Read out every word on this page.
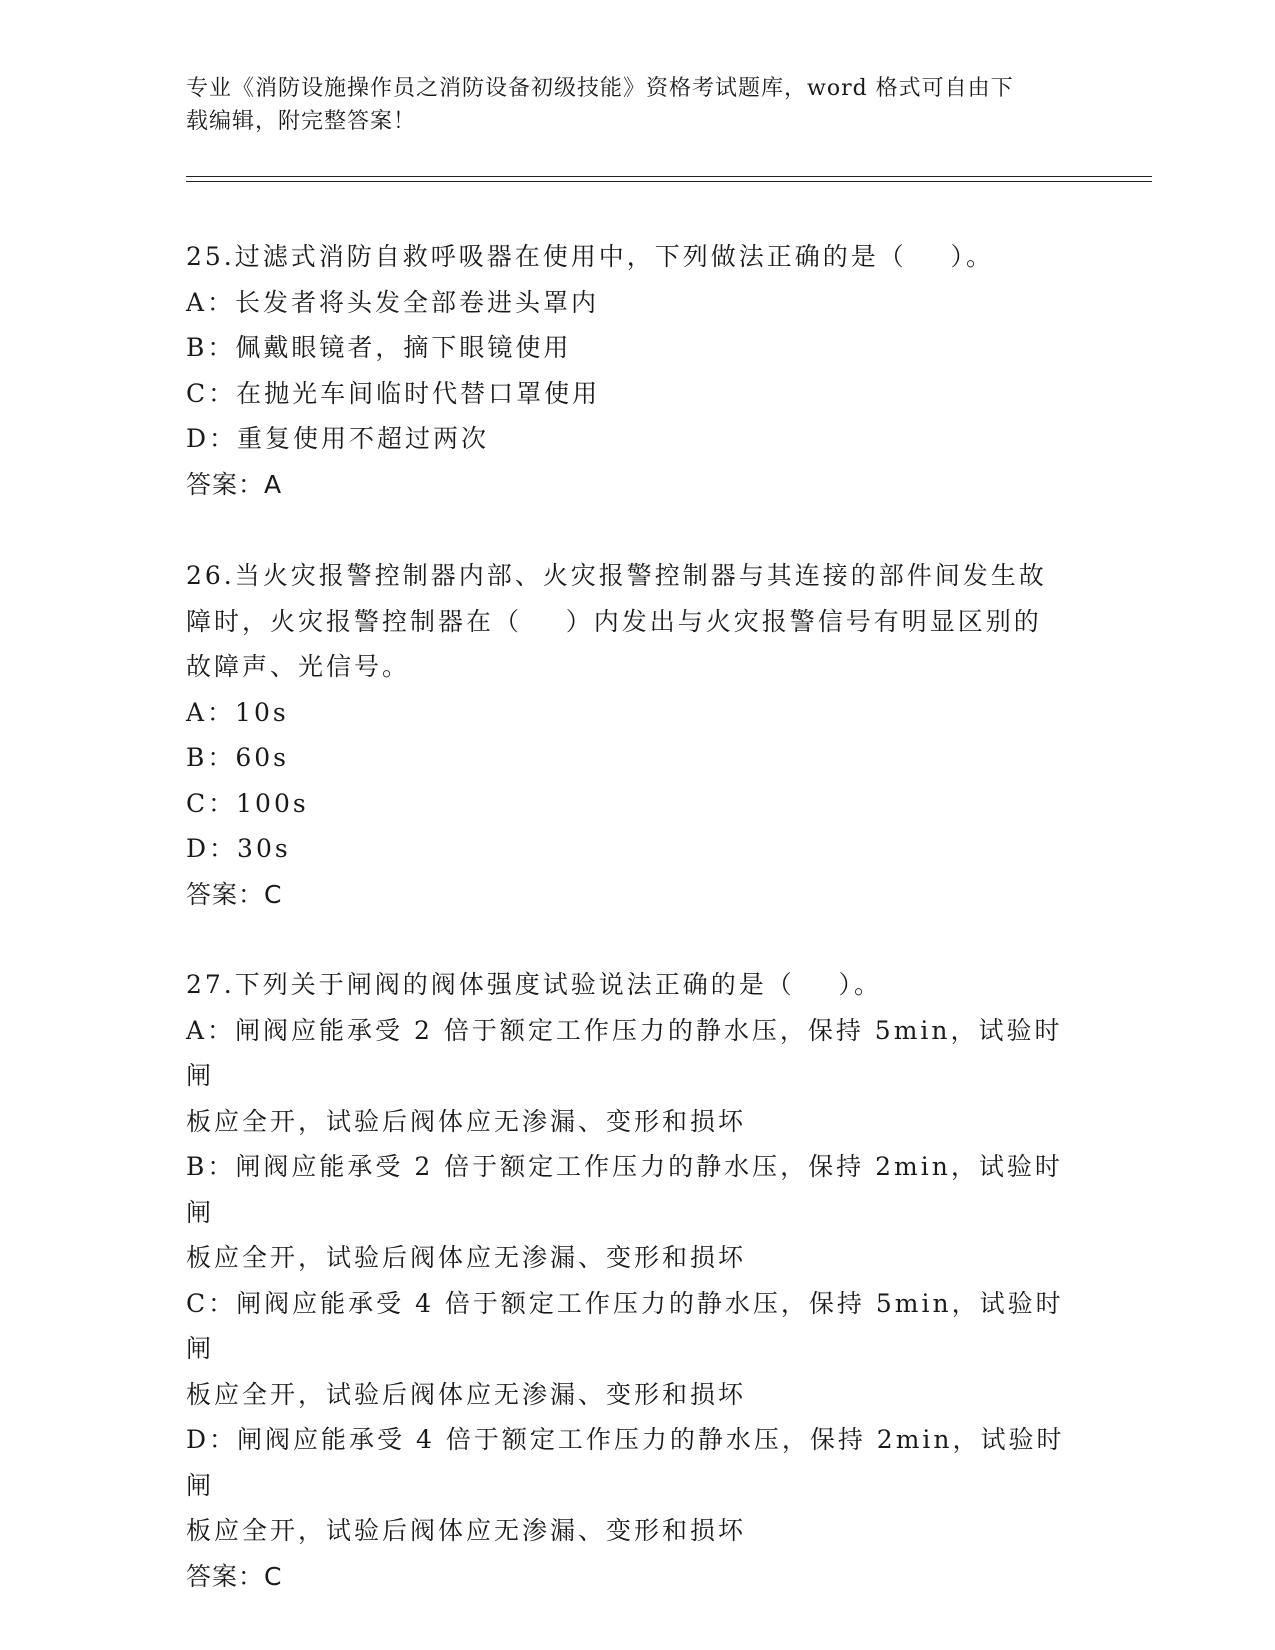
专业《消防设施操作员之消防设备初级技能》资格考试题库，word 格式可自由下
载编辑，附完整答案！
25.过滤式消防自救呼吸器在使用中，下列做法正确的是（    ）。
A：长发者将头发全部卷进头罩内
B：佩戴眼镜者，摘下眼镜使用
C：在抛光车间临时代替口罩使用
D：重复使用不超过两次
答案：A
26.当火灾报警控制器内部、火灾报警控制器与其连接的部件间发生故
障时，火灾报警控制器在（    ）内发出与火灾报警信号有明显区别的
故障声、光信号。
A：10s
B：60s
C：100s
D：30s
答案：C
27.下列关于闸阀的阀体强度试验说法正确的是（    ）。
A：闸阀应能承受 2 倍于额定工作压力的静水压，保持 5min，试验时闸
板应全开，试验后阀体应无渗漏、变形和损坏
B：闸阀应能承受 2 倍于额定工作压力的静水压，保持 2min，试验时闸
板应全开，试验后阀体应无渗漏、变形和损坏
C：闸阀应能承受 4 倍于额定工作压力的静水压，保持 5min，试验时闸
板应全开，试验后阀体应无渗漏、变形和损坏
D：闸阀应能承受 4 倍于额定工作压力的静水压，保持 2min，试验时闸
板应全开，试验后阀体应无渗漏、变形和损坏
答案：C
